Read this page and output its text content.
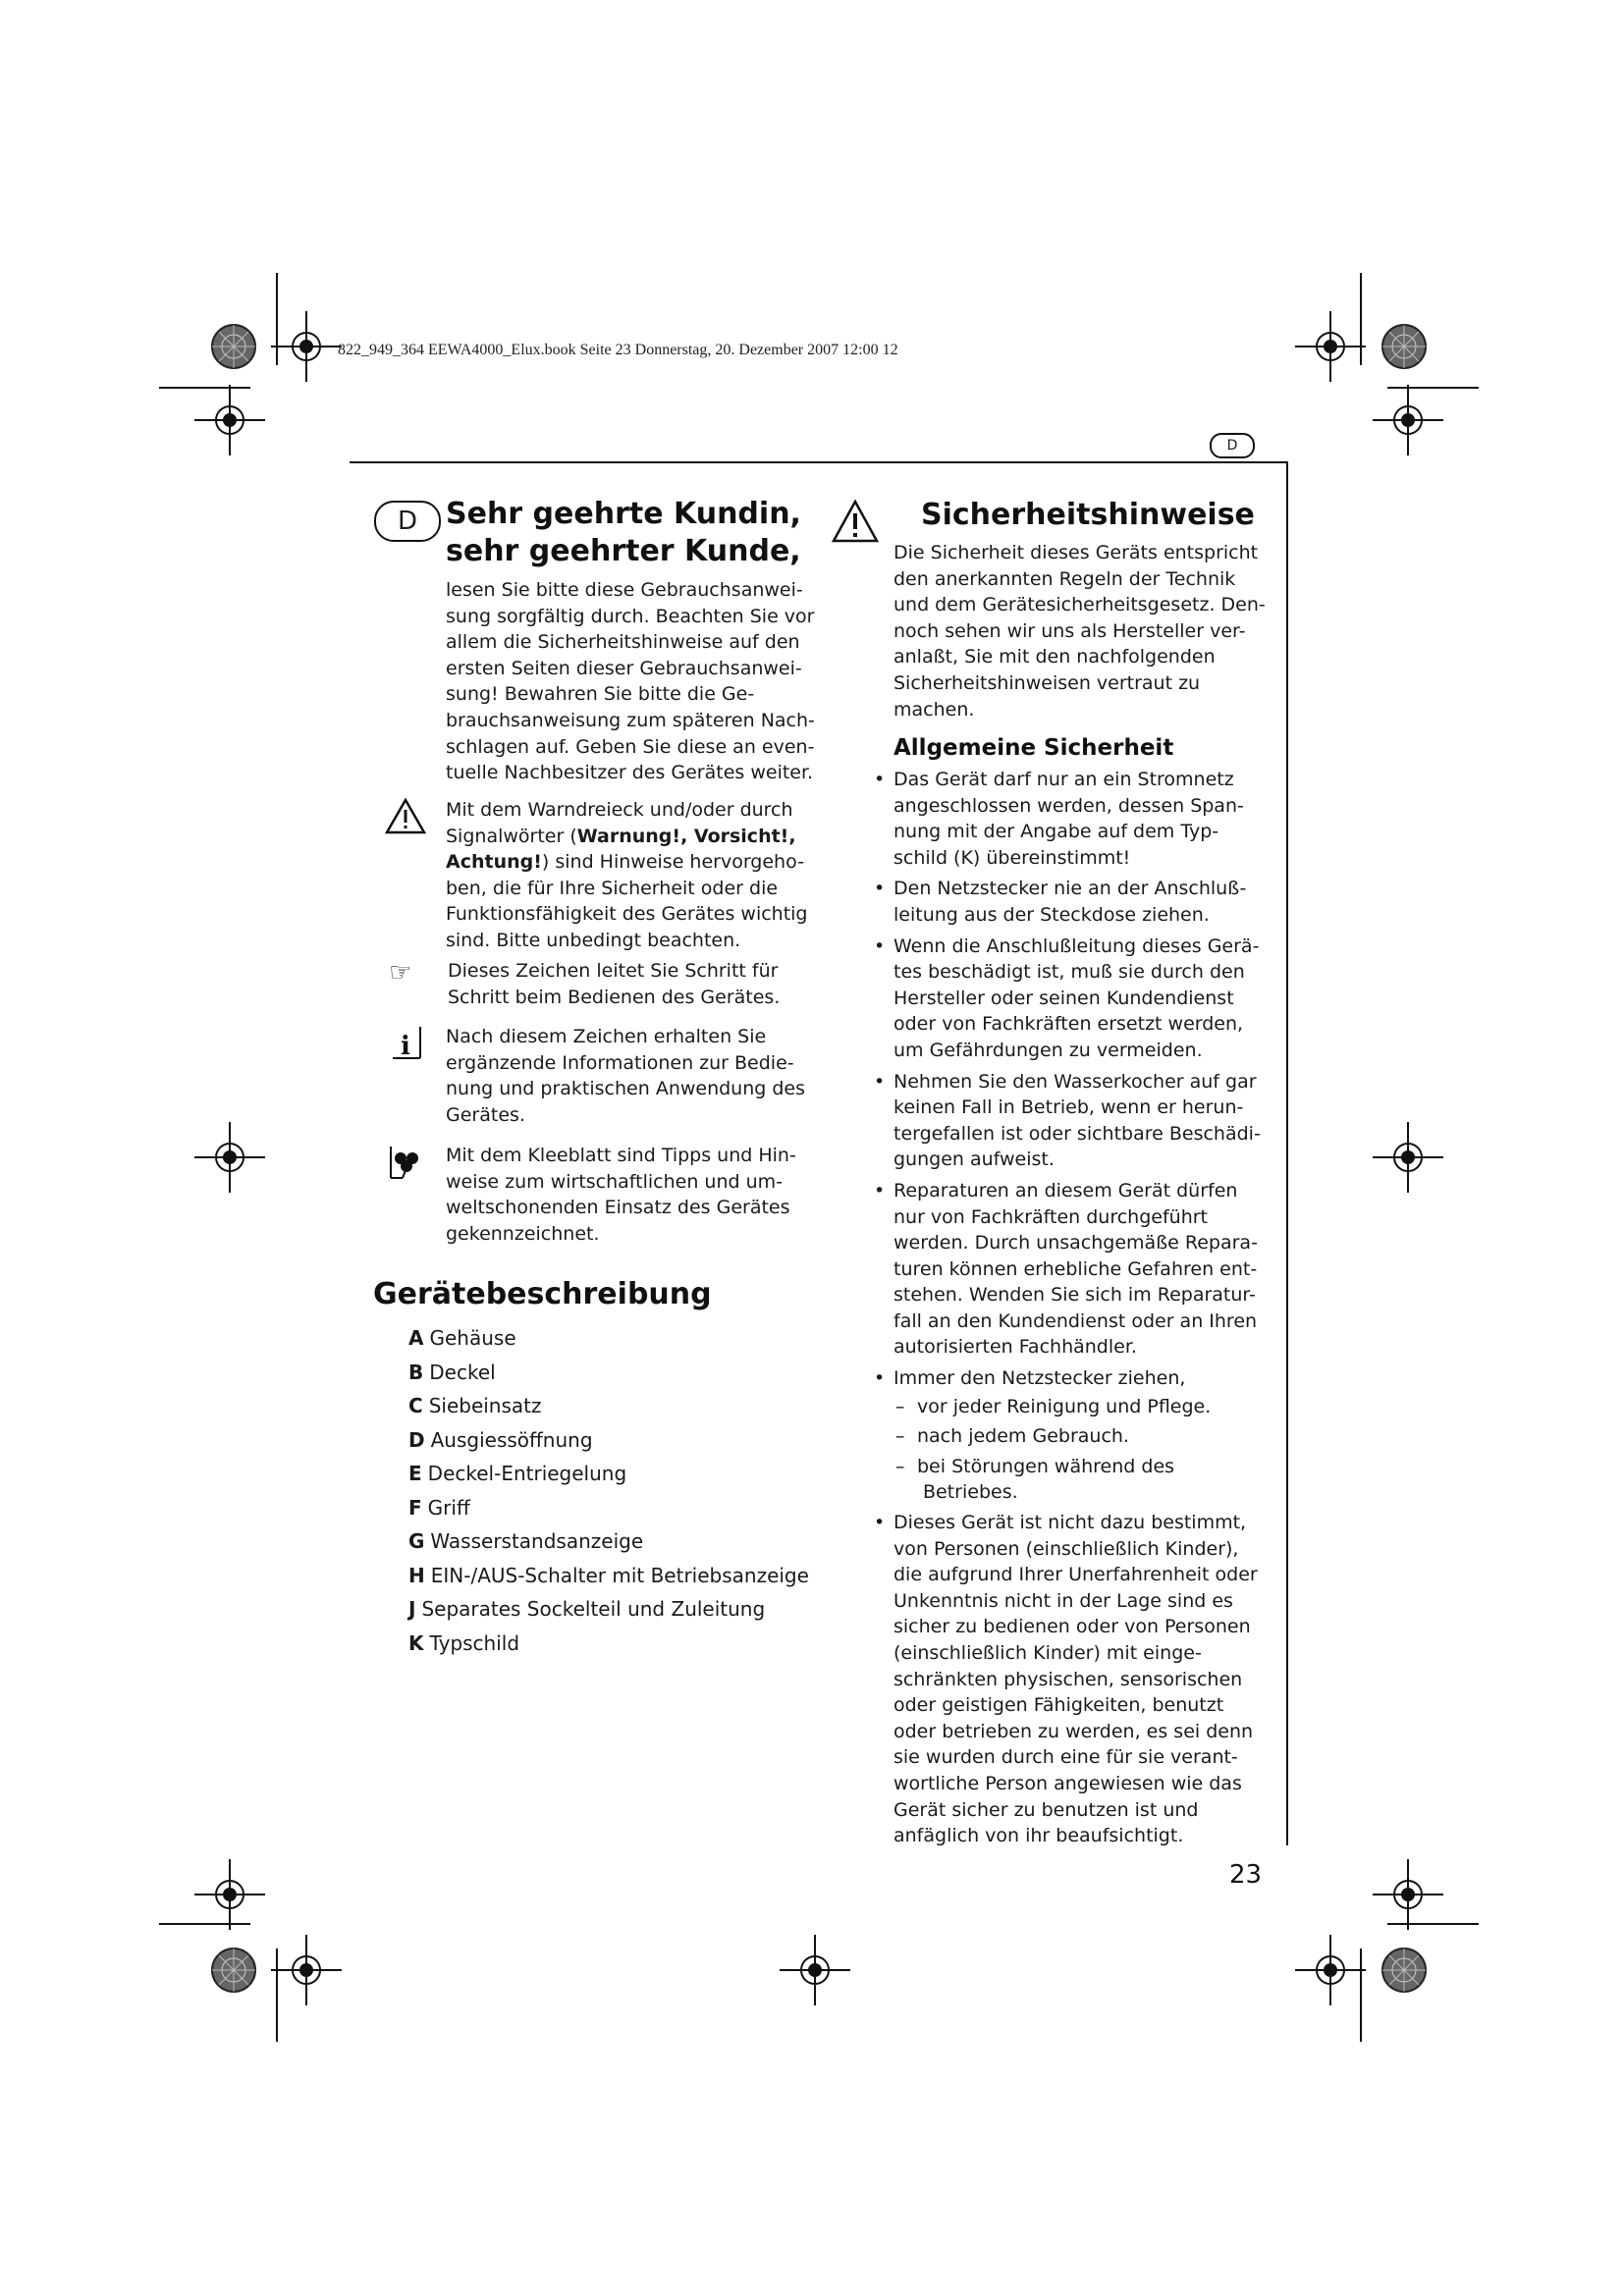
822_949_364 EEWA4000_Elux.book Seite 23 Donnerstag, 20. Dezember 2007 12:00 12
D
D Sehr geehrte Kundin,
sehr geehrter Kunde,
lesen Sie bitte diese Gebrauchsanwei-
sung sorgfältig durch. Beachten Sie vor
allem die Sicherheitshinweise auf den
ersten Seiten dieser Gebrauchsanwei-
sung! Bewahren Sie bitte die Ge-
brauchsanweisung zum späteren Nach-
schlagen auf. Geben Sie diese an even-
tuelle Nachbesitzer des Gerätes weiter.
Mit dem Warndreieck und/oder durch
Signalwörter (Warnung!, Vorsicht!,
Achtung!) sind Hinweise hervorgeho-
ben, die für Ihre Sicherheit oder die
Funktionsfähigkeit des Gerätes wichtig
sind. Bitte unbedingt beachten.
☞ Dieses Zeichen leitet Sie Schritt für
Schritt beim Bedienen des Gerätes.
i Nach diesem Zeichen erhalten Sie
ergänzende Informationen zur Bedie-
nung und praktischen Anwendung des
Gerätes.
Mit dem Kleeblatt sind Tipps und Hin-
weise zum wirtschaftlichen und um-
weltschonenden Einsatz des Gerätes
gekennzeichnet.
Gerätebeschreibung
A Gehäuse
B Deckel
C Siebeinsatz
D Ausgiessöffnung
E Deckel-Entriegelung
F Griff
G Wasserstandsanzeige
H EIN-/AUS-Schalter mit Betriebsanzeige
J Separates Sockelteil und Zuleitung
K Typschild
Sicherheitshinweise
Die Sicherheit dieses Geräts entspricht
den anerkannten Regeln der Technik
und dem Gerätesicherheitsgesetz. Den-
noch sehen wir uns als Hersteller ver-
anlaßt, Sie mit den nachfolgenden
Sicherheitshinweisen vertraut zu
machen.
Allgemeine Sicherheit
• Das Gerät darf nur an ein Stromnetz
angeschlossen werden, dessen Span-
nung mit der Angabe auf dem Typ-
schild (K) übereinstimmt!
• Den Netzstecker nie an der Anschluß-
leitung aus der Steckdose ziehen.
• Wenn die Anschlußleitung dieses Gerä-
tes beschädigt ist, muß sie durch den
Hersteller oder seinen Kundendienst
oder von Fachkräften ersetzt werden,
um Gefährdungen zu vermeiden.
• Nehmen Sie den Wasserkocher auf gar
keinen Fall in Betrieb, wenn er herun-
tergefallen ist oder sichtbare Beschädi-
gungen aufweist.
• Reparaturen an diesem Gerät dürfen
nur von Fachkräften durchgeführt
werden. Durch unsachgemäße Repara-
turen können erhebliche Gefahren ent-
stehen. Wenden Sie sich im Reparatur-
fall an den Kundendienst oder an Ihren
autorisierten Fachhändler.
• Immer den Netzstecker ziehen,
– vor jeder Reinigung und Pflege.
– nach jedem Gebrauch.
– bei Störungen während des
Betriebes.
• Dieses Gerät ist nicht dazu bestimmt,
von Personen (einschließlich Kinder),
die aufgrund Ihrer Unerfahrenheit oder
Unkenntnis nicht in der Lage sind es
sicher zu bedienen oder von Personen
(einschließlich Kinder) mit einge-
schränkten physischen, sensorischen
oder geistigen Fähigkeiten, benutzt
oder betrieben zu werden, es sei denn
sie wurden durch eine für sie verant-
wortliche Person angewiesen wie das
Gerät sicher zu benutzen ist und
anfäglich von ihr beaufsichtigt.
23
